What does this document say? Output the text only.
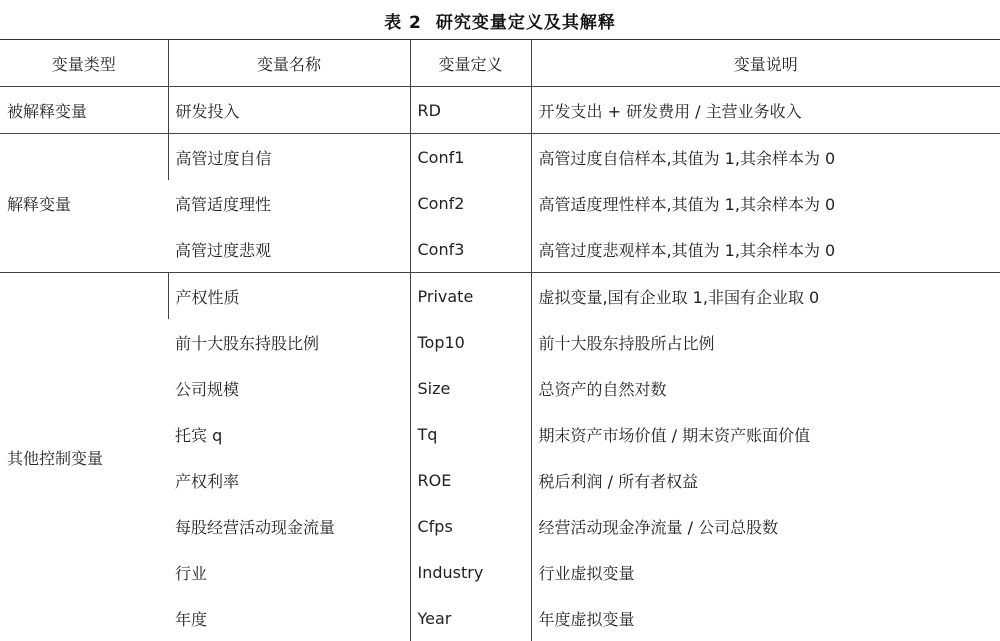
表 2 研究变量定义及其解释
变量类型	变量名称	变量定义	变量说明
被解释变量	研发投入	RD	开发支出 + 研发费用 / 主营业务收入
解释变量	高管过度自信	Conf1	高管过度自信样本,其值为 1,其余样本为 0
	高管适度理性	Conf2	高管适度理性样本,其值为 1,其余样本为 0
	高管过度悲观	Conf3	高管过度悲观样本,其值为 1,其余样本为 0
其他控制变量	产权性质	Private	虚拟变量,国有企业取 1,非国有企业取 0
	前十大股东持股比例	Top10	前十大股东持股所占比例
	公司规模	Size	总资产的自然对数
	托宾 q	Tq	期末资产市场价值 / 期末资产账面价值
	产权利率	ROE	税后利润 / 所有者权益
	每股经营活动现金流量	Cfps	经营活动现金净流量 / 公司总股数
	行业	Industry	行业虚拟变量
	年度	Year	年度虚拟变量
